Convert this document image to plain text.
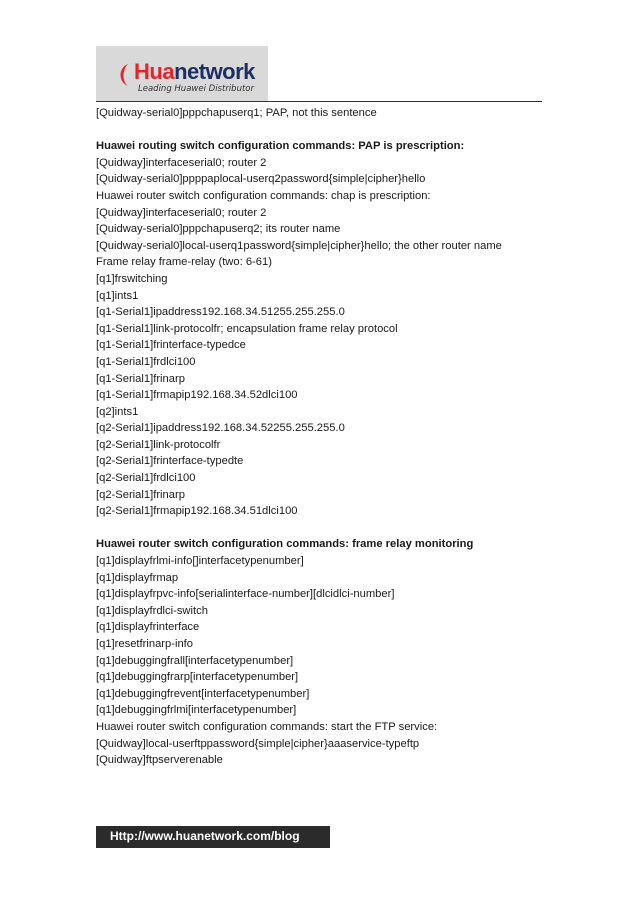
Huanetwork
Leading Huawei Distributor
[Quidway-serial0]pppchapuserq1; PAP, not this sentence
Huawei routing switch configuration commands: PAP is prescription:
[Quidway]interfaceserial0; router 2
[Quidway-serial0]ppppaplocal-userq2password{simple|cipher}hello
Huawei router switch configuration commands: chap is prescription:
[Quidway]interfaceserial0; router 2
[Quidway-serial0]pppchapuserq2; its router name
[Quidway-serial0]local-userq1password{simple|cipher}hello; the other router name
Frame relay frame-relay (two: 6-61)
[q1]frswitching
[q1]ints1
[q1-Serial1]ipaddress192.168.34.51255.255.255.0
[q1-Serial1]link-protocolfr; encapsulation frame relay protocol
[q1-Serial1]frinterface-typedce
[q1-Serial1]frdlci100
[q1-Serial1]frinarp
[q1-Serial1]frmapip192.168.34.52dlci100
[q2]ints1
[q2-Serial1]ipaddress192.168.34.52255.255.255.0
[q2-Serial1]link-protocolfr
[q2-Serial1]frinterface-typedte
[q2-Serial1]frdlci100
[q2-Serial1]frinarp
[q2-Serial1]frmapip192.168.34.51dlci100
Huawei router switch configuration commands: frame relay monitoring
[q1]displayfrlmi-info[]interfacetypenumber]
[q1]displayfrmap
[q1]displayfrpvc-info[serialinterface-number][dlcidlci-number]
[q1]displayfrdlci-switch
[q1]displayfrinterface
[q1]resetfrinarp-info
[q1]debuggingfrall[interfacetypenumber]
[q1]debuggingfrarp[interfacetypenumber]
[q1]debuggingfrevent[interfacetypenumber]
[q1]debuggingfrlmi[interfacetypenumber]
Huawei router switch configuration commands: start the FTP service:
[Quidway]local-userftppassword{simple|cipher}aaaservice-typeftp
[Quidway]ftpserverenable
Http://www.huanetwork.com/blog
